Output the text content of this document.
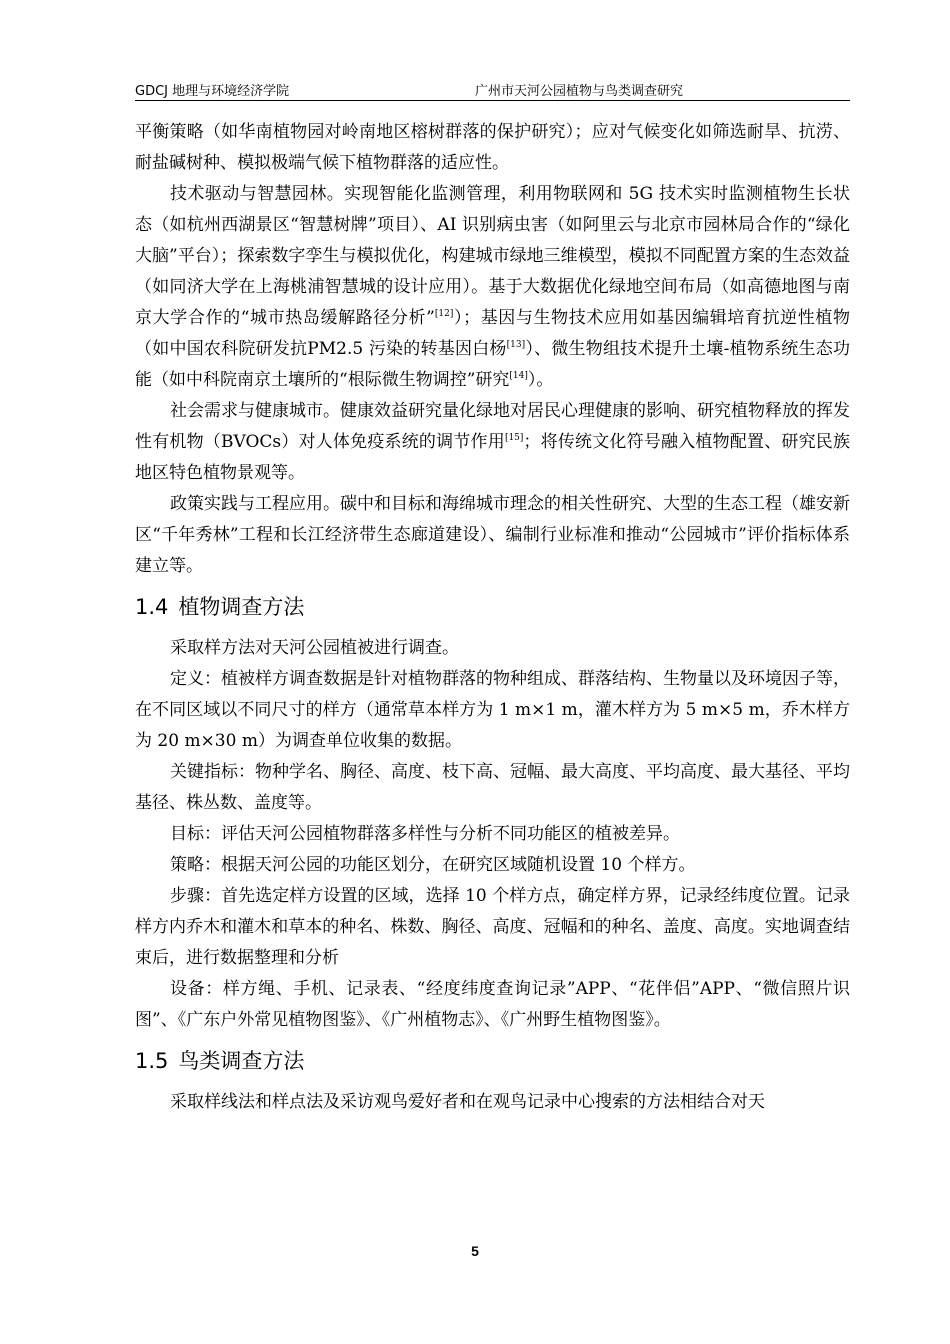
GDCJ 地理与环境经济学院	广州市天河公园植物与鸟类调查研究

平衡策略（如华南植物园对岭南地区榕树群落的保护研究）；应对气候变化如筛选耐旱、抗涝、耐盐碱树种、模拟极端气候下植物群落的适应性。

技术驱动与智慧园林。实现智能化监测管理，利用物联网和 5G 技术实时监测植物生长状态（如杭州西湖景区“智慧树牌”项目）、AI 识别病虫害（如阿里云与北京市园林局合作的“绿化大脑”平台）；探索数字孪生与模拟优化，构建城市绿地三维模型，模拟不同配置方案的生态效益（如同济大学在上海桃浦智慧城的设计应用）。基于大数据优化绿地空间布局（如高德地图与南京大学合作的“城市热岛缓解路径分析”[12]）；基因与生物技术应用如基因编辑培育抗逆性植物（如中国农科院研发抗PM2.5 污染的转基因白杨[13]）、微生物组技术提升土壤-植物系统生态功能（如中科院南京土壤所的“根际微生物调控”研究[14]）。

社会需求与健康城市。健康效益研究量化绿地对居民心理健康的影响、研究植物释放的挥发性有机物（BVOCs）对人体免疫系统的调节作用[15]；将传统文化符号融入植物配置、研究民族地区特色植物景观等。

政策实践与工程应用。碳中和目标和海绵城市理念的相关性研究、大型的生态工程（雄安新区“千年秀林”工程和长江经济带生态廊道建设）、编制行业标准和推动“公园城市”评价指标体系建立等。

1.4 植物调查方法

采取样方法对天河公园植被进行调查。

定义：植被样方调查数据是针对植物群落的物种组成、群落结构、生物量以及环境因子等，在不同区域以不同尺寸的样方（通常草本样方为 1 m×1 m，灌木样方为 5 m×5 m，乔木样方为 20 m×30 m）为调查单位收集的数据。

关键指标：物种学名、胸径、高度、枝下高、冠幅、最大高度、平均高度、最大基径、平均基径、株丛数、盖度等。

目标：评估天河公园植物群落多样性与分析不同功能区的植被差异。

策略：根据天河公园的功能区划分，在研究区域随机设置 10 个样方。

步骤：首先选定样方设置的区域，选择 10 个样方点，确定样方界，记录经纬度位置。记录样方内乔木和灌木和草本的种名、株数、胸径、高度、冠幅和的种名、盖度、高度。实地调查结束后，进行数据整理和分析

设备：样方绳、手机、记录表、“经度纬度查询记录”APP、“花伴侣”APP、“微信照片识图”、《广东户外常见植物图鉴》、《广州植物志》、《广州野生植物图鉴》。

1.5 鸟类调查方法

采取样线法和样点法及采访观鸟爱好者和在观鸟记录中心搜索的方法相结合对天

5
